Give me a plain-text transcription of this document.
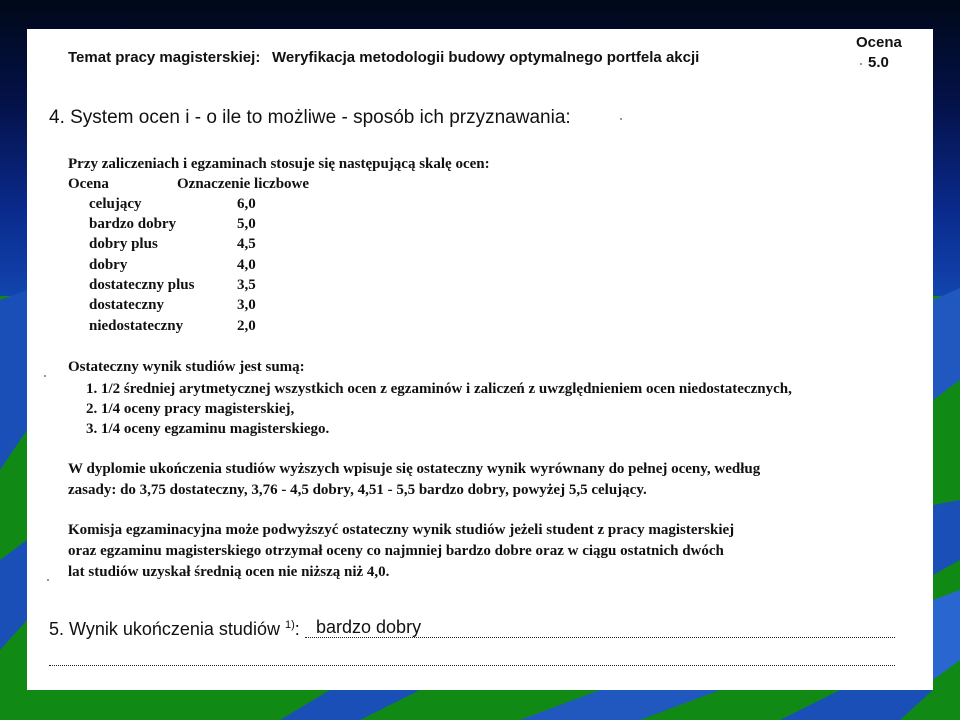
Temat pracy magisterskiej: Weryfikacja metodologii budowy optymalnego portfela akcji
Ocena
5.0
4. System ocen i - o ile to możliwe - sposób ich przyznawania:
Przy zaliczeniach i egzaminach stosuje się następującą skalę ocen:
Ocena	Oznaczenie liczbowe
celujący	6,0
bardzo dobry	5,0
dobry plus	4,5
dobry	4,0
dostateczny plus	3,5
dostateczny	3,0
niedostateczny	2,0
Ostateczny wynik studiów jest sumą:
1. 1/2 średniej arytmetycznej wszystkich ocen z egzaminów i zaliczeń z uwzględnieniem ocen niedostatecznych,
2. 1/4 oceny pracy magisterskiej,
3. 1/4 oceny egzaminu magisterskiego.
W dyplomie ukończenia studiów wyższych wpisuje się ostateczny wynik wyrównany do pełnej oceny, według
zasady: do 3,75 dostateczny, 3,76 - 4,5 dobry, 4,51 - 5,5 bardzo dobry, powyżej 5,5 celujący.
Komisja egzaminacyjna może podwyższyć ostateczny wynik studiów jeżeli student z pracy magisterskiej
oraz egzaminu magisterskiego otrzymał oceny co najmniej bardzo dobre oraz w ciągu ostatnich dwóch
lat studiów uzyskał średnią ocen nie niższą niż 4,0.
5. Wynik ukończenia studiów $^{1)}$: bardzo dobry
